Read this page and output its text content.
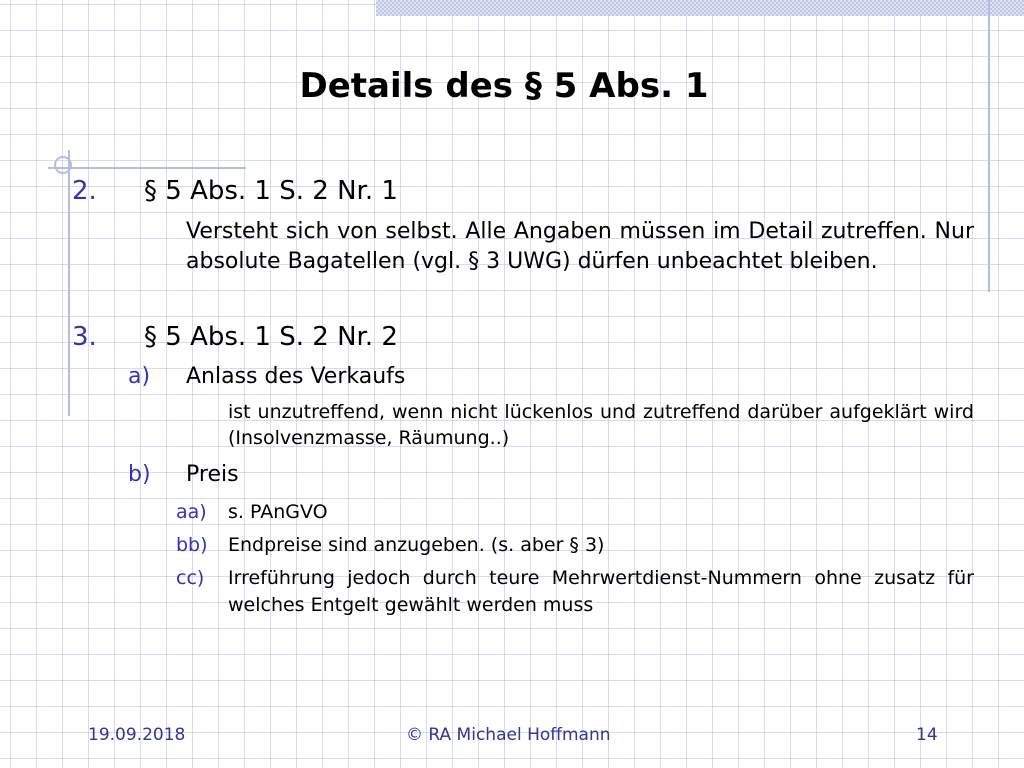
Details des § 5 Abs. 1
2.	§ 5 Abs. 1 S. 2 Nr. 1
Versteht sich von selbst. Alle Angaben müssen im Detail zutreffen. Nur absolute Bagatellen (vgl. § 3 UWG) dürfen unbeachtet bleiben.
3.	§ 5 Abs. 1 S. 2 Nr. 2
a)	Anlass des Verkaufs
ist unzutreffend, wenn nicht lückenlos und zutreffend darüber aufgeklärt wird (Insolvenzmasse, Räumung..)
b)	Preis
aa)	s. PAnGVO
bb)	Endpreise sind anzugeben. (s. aber § 3)
cc)	Irreführung jedoch durch teure Mehrwertdienst-Nummern ohne zusatz für welches Entgelt gewählt werden muss
19.09.2018	© RA Michael Hoffmann	14
